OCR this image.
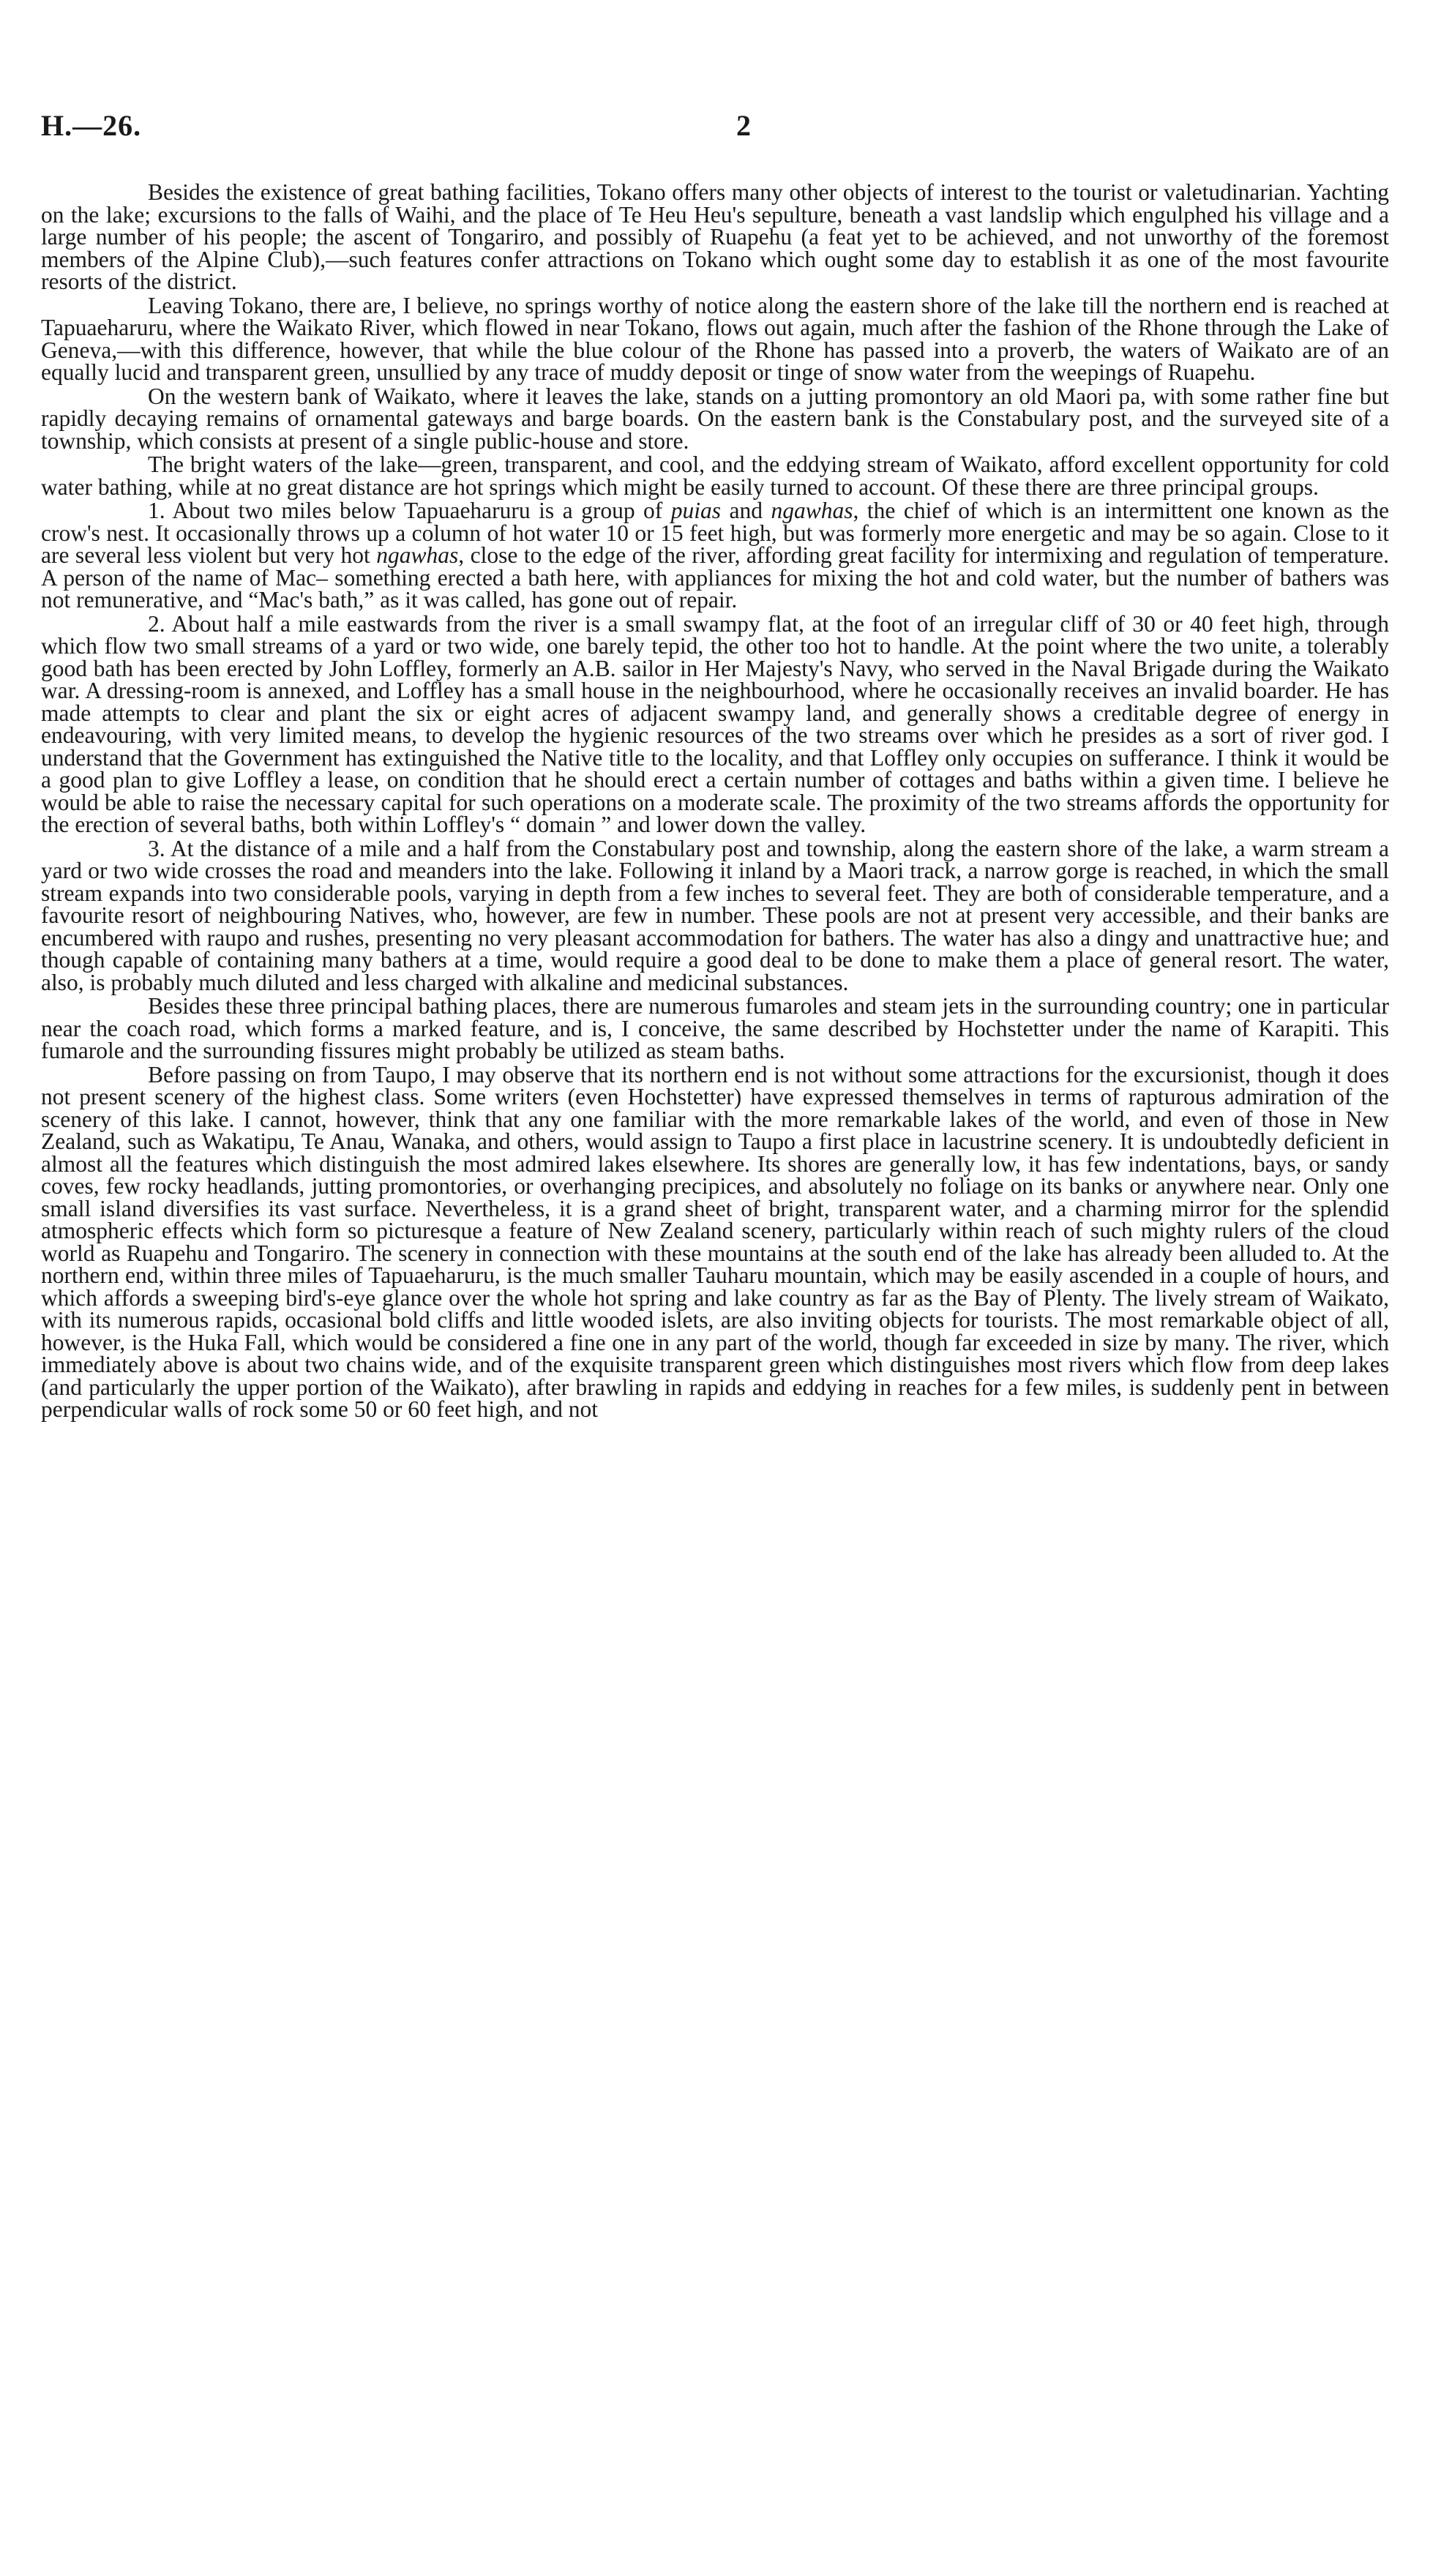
H.—26.	2

Besides the existence of great bathing facilities, Tokano offers many other objects of interest to the tourist or valetudinarian. Yachting on the lake; excursions to the falls of Waihi, and the place of Te Heu Heu's sepulture, beneath a vast landslip which engulphed his village and a large number of his people; the ascent of Tongariro, and possibly of Ruapehu (a feat yet to be achieved, and not unworthy of the foremost members of the Alpine Club),—such features confer attractions on Tokano which ought some day to establish it as one of the most favourite resorts of the district.

Leaving Tokano, there are, I believe, no springs worthy of notice along the eastern shore of the lake till the northern end is reached at Tapuaeharuru, where the Waikato River, which flowed in near Tokano, flows out again, much after the fashion of the Rhone through the Lake of Geneva,—with this difference, however, that while the blue colour of the Rhone has passed into a proverb, the waters of Waikato are of an equally lucid and transparent green, unsullied by any trace of muddy deposit or tinge of snow water from the weepings of Ruapehu.

On the western bank of Waikato, where it leaves the lake, stands on a jutting promontory an old Maori pa, with some rather fine but rapidly decaying remains of ornamental gateways and barge boards. On the eastern bank is the Constabulary post, and the surveyed site of a township, which consists at present of a single public-house and store.

The bright waters of the lake—green, transparent, and cool, and the eddying stream of Waikato, afford excellent opportunity for cold water bathing, while at no great distance are hot springs which might be easily turned to account. Of these there are three principal groups.

1. About two miles below Tapuaeharuru is a group of puias and ngawhas, the chief of which is an intermittent one known as the crow's nest. It occasionally throws up a column of hot water 10 or 15 feet high, but was formerly more energetic and may be so again. Close to it are several less violent but very hot ngawhas, close to the edge of the river, affording great facility for intermixing and regulation of temperature. A person of the name of Mac– something erected a bath here, with appliances for mixing the hot and cold water, but the number of bathers was not remunerative, and “Mac's bath,” as it was called, has gone out of repair.

2. About half a mile eastwards from the river is a small swampy flat, at the foot of an irregular cliff of 30 or 40 feet high, through which flow two small streams of a yard or two wide, one barely tepid, the other too hot to handle. At the point where the two unite, a tolerably good bath has been erected by John Loffley, formerly an A.B. sailor in Her Majesty's Navy, who served in the Naval Brigade during the Waikato war. A dressing-room is annexed, and Loffley has a small house in the neighbourhood, where he occasionally receives an invalid boarder. He has made attempts to clear and plant the six or eight acres of adjacent swampy land, and generally shows a creditable degree of energy in endeavouring, with very limited means, to develop the hygienic resources of the two streams over which he presides as a sort of river god. I understand that the Government has extinguished the Native title to the locality, and that Loffley only occupies on sufferance. I think it would be a good plan to give Loffley a lease, on condition that he should erect a certain number of cottages and baths within a given time. I believe he would be able to raise the necessary capital for such operations on a moderate scale. The proximity of the two streams affords the opportunity for the erection of several baths, both within Loffley's “ domain ” and lower down the valley.

3. At the distance of a mile and a half from the Constabulary post and township, along the eastern shore of the lake, a warm stream a yard or two wide crosses the road and meanders into the lake. Following it inland by a Maori track, a narrow gorge is reached, in which the small stream expands into two considerable pools, varying in depth from a few inches to several feet. They are both of considerable temperature, and a favourite resort of neighbouring Natives, who, however, are few in number. These pools are not at present very accessible, and their banks are encumbered with raupo and rushes, presenting no very pleasant accommodation for bathers. The water has also a dingy and unattractive hue; and though capable of containing many bathers at a time, would require a good deal to be done to make them a place of general resort. The water, also, is probably much diluted and less charged with alkaline and medicinal substances.

Besides these three principal bathing places, there are numerous fumaroles and steam jets in the surrounding country; one in particular near the coach road, which forms a marked feature, and is, I conceive, the same described by Hochstetter under the name of Karapiti. This fumarole and the surrounding fissures might probably be utilized as steam baths.

Before passing on from Taupo, I may observe that its northern end is not without some attractions for the excursionist, though it does not present scenery of the highest class. Some writers (even Hochstetter) have expressed themselves in terms of rapturous admiration of the scenery of this lake. I cannot, however, think that any one familiar with the more remarkable lakes of the world, and even of those in New Zealand, such as Wakatipu, Te Anau, Wanaka, and others, would assign to Taupo a first place in lacustrine scenery. It is undoubtedly deficient in almost all the features which distinguish the most admired lakes elsewhere. Its shores are generally low, it has few indentations, bays, or sandy coves, few rocky headlands, jutting promontories, or overhanging precipices, and absolutely no foliage on its banks or anywhere near. Only one small island diversifies its vast surface. Nevertheless, it is a grand sheet of bright, transparent water, and a charming mirror for the splendid atmospheric effects which form so picturesque a feature of New Zealand scenery, particularly within reach of such mighty rulers of the cloud world as Ruapehu and Tongariro. The scenery in connection with these mountains at the south end of the lake has already been alluded to. At the northern end, within three miles of Tapuaeharuru, is the much smaller Tauharu mountain, which may be easily ascended in a couple of hours, and which affords a sweeping bird's-eye glance over the whole hot spring and lake country as far as the Bay of Plenty. The lively stream of Waikato, with its numerous rapids, occasional bold cliffs and little wooded islets, are also inviting objects for tourists. The most remarkable object of all, however, is the Huka Fall, which would be considered a fine one in any part of the world, though far exceeded in size by many. The river, which immediately above is about two chains wide, and of the exquisite transparent green which distinguishes most rivers which flow from deep lakes (and particularly the upper portion of the Waikato), after brawling in rapids and eddying in reaches for a few miles, is suddenly pent in between perpendicular walls of rock some 50 or 60 feet high, and not
